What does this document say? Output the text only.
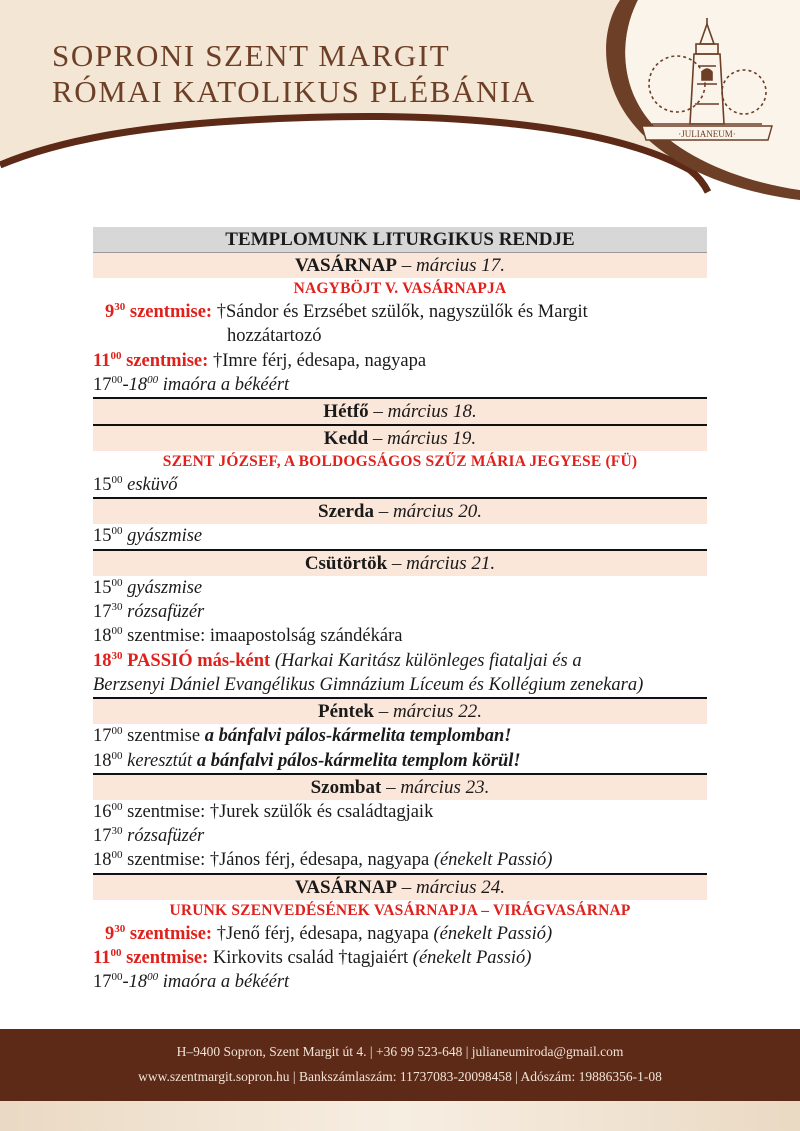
SOPRONI SZENT MARGIT
RÓMAI KATOLIKUS PLÉBÁNIA
·JULIANEUM·
TEMPLOMUNK LITURGIKUS RENDJE
VASÁRNAP – március 17.
NAGYBÖJT V. VASÁRNAPJA
$9^{30}$ szentmise: †Sándor és Erzsébet szülők, nagyszülők és Margit
hozzátartozó
$11^{00}$ szentmise: †Imre férj, édesapa, nagyapa
$17^{00}-18^{00}$ imaóra a békéért
Hétfő – március 18.
Kedd – március 19.
SZENT JÓZSEF, A BOLDOGSÁGOS SZŰZ MÁRIA JEGYESE (FÜ)
$15^{00}$ esküvő
Szerda – március 20.
$15^{00}$ gyászmise
Csütörtök – március 21.
$15^{00}$ gyászmise
$17^{30}$ rózsafüzér
$18^{00}$ szentmise: imaapostolság szándékára
$18^{30}$ PASSIÓ más-ként (Harkai Karitász különleges fiataljai és a
Berzsenyi Dániel Evangélikus Gimnázium Líceum és Kollégium zenekara)
Péntek – március 22.
$17^{00}$ szentmise a bánfalvi pálos-kármelita templomban!
$18^{00}$ keresztút a bánfalvi pálos-kármelita templom körül!
Szombat – március 23.
$16^{00}$ szentmise: †Jurek szülők és családtagjaik
$17^{30}$ rózsafüzér
$18^{00}$ szentmise: †János férj, édesapa, nagyapa (énekelt Passió)
VASÁRNAP – március 24.
URUNK SZENVEDÉSÉNEK VASÁRNAPJA – VIRÁGVASÁRNAP
$9^{30}$ szentmise: †Jenő férj, édesapa, nagyapa (énekelt Passió)
$11^{00}$ szentmise: Kirkovits család †tagjaiért (énekelt Passió)
$17^{00}-18^{00}$ imaóra a békéért
H–9400 Sopron, Szent Margit út 4. | +36 99 523-648 | julianeumiroda@gmail.com
www.szentmargit.sopron.hu | Bankszámlaszám: 11737083-20098458 | Adószám: 19886356-1-08
